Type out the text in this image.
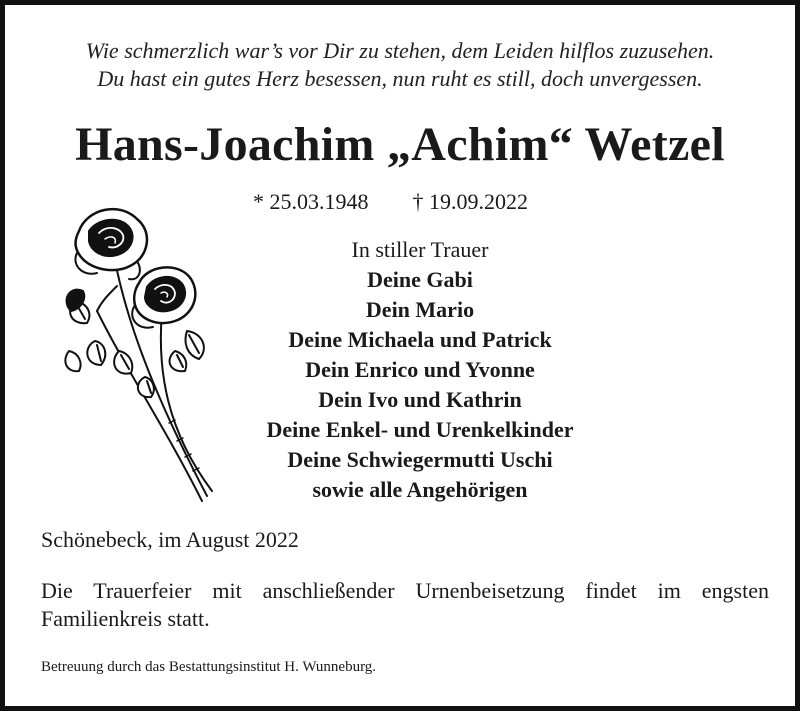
Wie schmerzlich war’s vor Dir zu stehen, dem Leiden hilflos zuzusehen.
Du hast ein gutes Herz besessen, nun ruht es still, doch unvergessen.
Hans-Joachim „Achim“ Wetzel
* 25.03.1948 † 19.09.2022
In stiller Trauer
Deine Gabi
Dein Mario
Deine Michaela und Patrick
Dein Enrico und Yvonne
Dein Ivo und Kathrin
Deine Enkel- und Urenkelkinder
Deine Schwiegermutti Uschi
sowie alle Angehörigen
Schönebeck, im August 2022
Die Trauerfeier mit anschließender Urnenbeisetzung findet im engsten Familienkreis statt.
Betreuung durch das Bestattungsinstitut H. Wunneburg.
